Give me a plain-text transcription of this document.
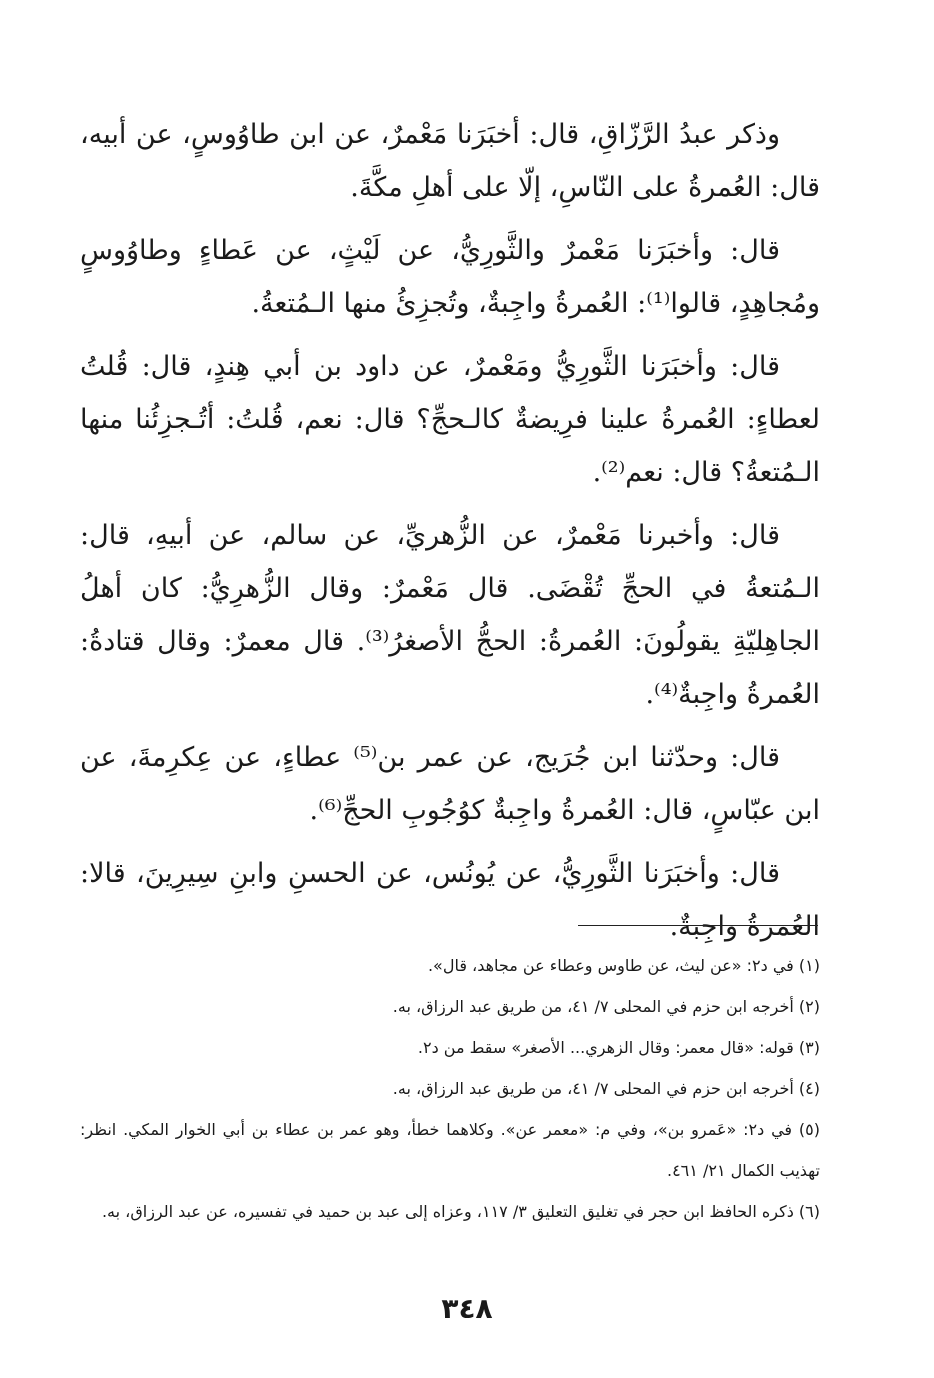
وذكر عبدُ الرَّزّاقِ، قال: أخبَرَنا مَعْمرٌ، عن ابن طاوُوسٍ، عن أبيه، قال: العُمرةُ على النّاسِ، إلّا على أهلِ مكَّةَ.

قال: وأخبَرَنا مَعْمرٌ والثَّورِيُّ، عن لَيْثٍ، عن عَطاءٍ وطاوُوسٍ ومُجاهِدٍ، قالوا⁽¹⁾: العُمرةُ واجِبةٌ، وتُجزِئُ منها الـمُتعةُ.

قال: وأخبَرَنا الثَّورِيُّ ومَعْمرٌ، عن داود بن أبي هِندٍ، قال: قُلتُ لعطاءٍ: العُمرةُ علينا فرِيضةٌ كالـحجِّ؟ قال: نعم، قُلتُ: أتُـجزِئُنا منها الـمُتعةُ؟ قال: نعم⁽²⁾.

قال: وأخبرنا مَعْمرٌ، عن الزُّهريِّ، عن سالم، عن أبيهِ، قال: الـمُتعةُ في الحجِّ تُقْضَى. قال مَعْمرٌ: وقال الزُّهرِيُّ: كان أهلُ الجاهِليّةِ يقولُونَ: العُمرةُ: الحجُّ الأصغرُ⁽³⁾. قال معمرٌ: وقال قتادةُ: العُمرةُ واجِبةٌ⁽⁴⁾.

قال: وحدّثنا ابن جُرَيج، عن عمر بن⁽⁵⁾ عطاءٍ، عن عِكرِمةَ، عن ابن عبّاسٍ، قال: العُمرةُ واجِبةٌ كوُجُوبِ الحجِّ⁽⁶⁾.

قال: وأخبَرَنا الثَّورِيُّ، عن يُونُس، عن الحسنِ وابنِ سِيرِينَ، قالا: العُمرةُ واجِبةٌ.

(١) في د٢: «عن ليث، عن طاوس وعطاء عن مجاهد، قال».

(٢) أخرجه ابن حزم في المحلى ٧/ ٤١، من طريق عبد الرزاق، به.

(٣) قوله: «قال معمر: وقال الزهري... الأصغر» سقط من د٢.

(٤) أخرجه ابن حزم في المحلى ٧/ ٤١، من طريق عبد الرزاق، به.

(٥) في د٢: «عَمرو بن»، وفي م: «معمر عن». وكلاهما خطأ، وهو عمر بن عطاء بن أبي الخوار المكي. انظر: تهذيب الكمال ٢١/ ٤٦١.

(٦) ذكره الحافظ ابن حجر في تغليق التعليق ٣/ ١١٧، وعزاه إلى عبد بن حميد في تفسيره، عن عبد الرزاق، به.

٣٤٨
